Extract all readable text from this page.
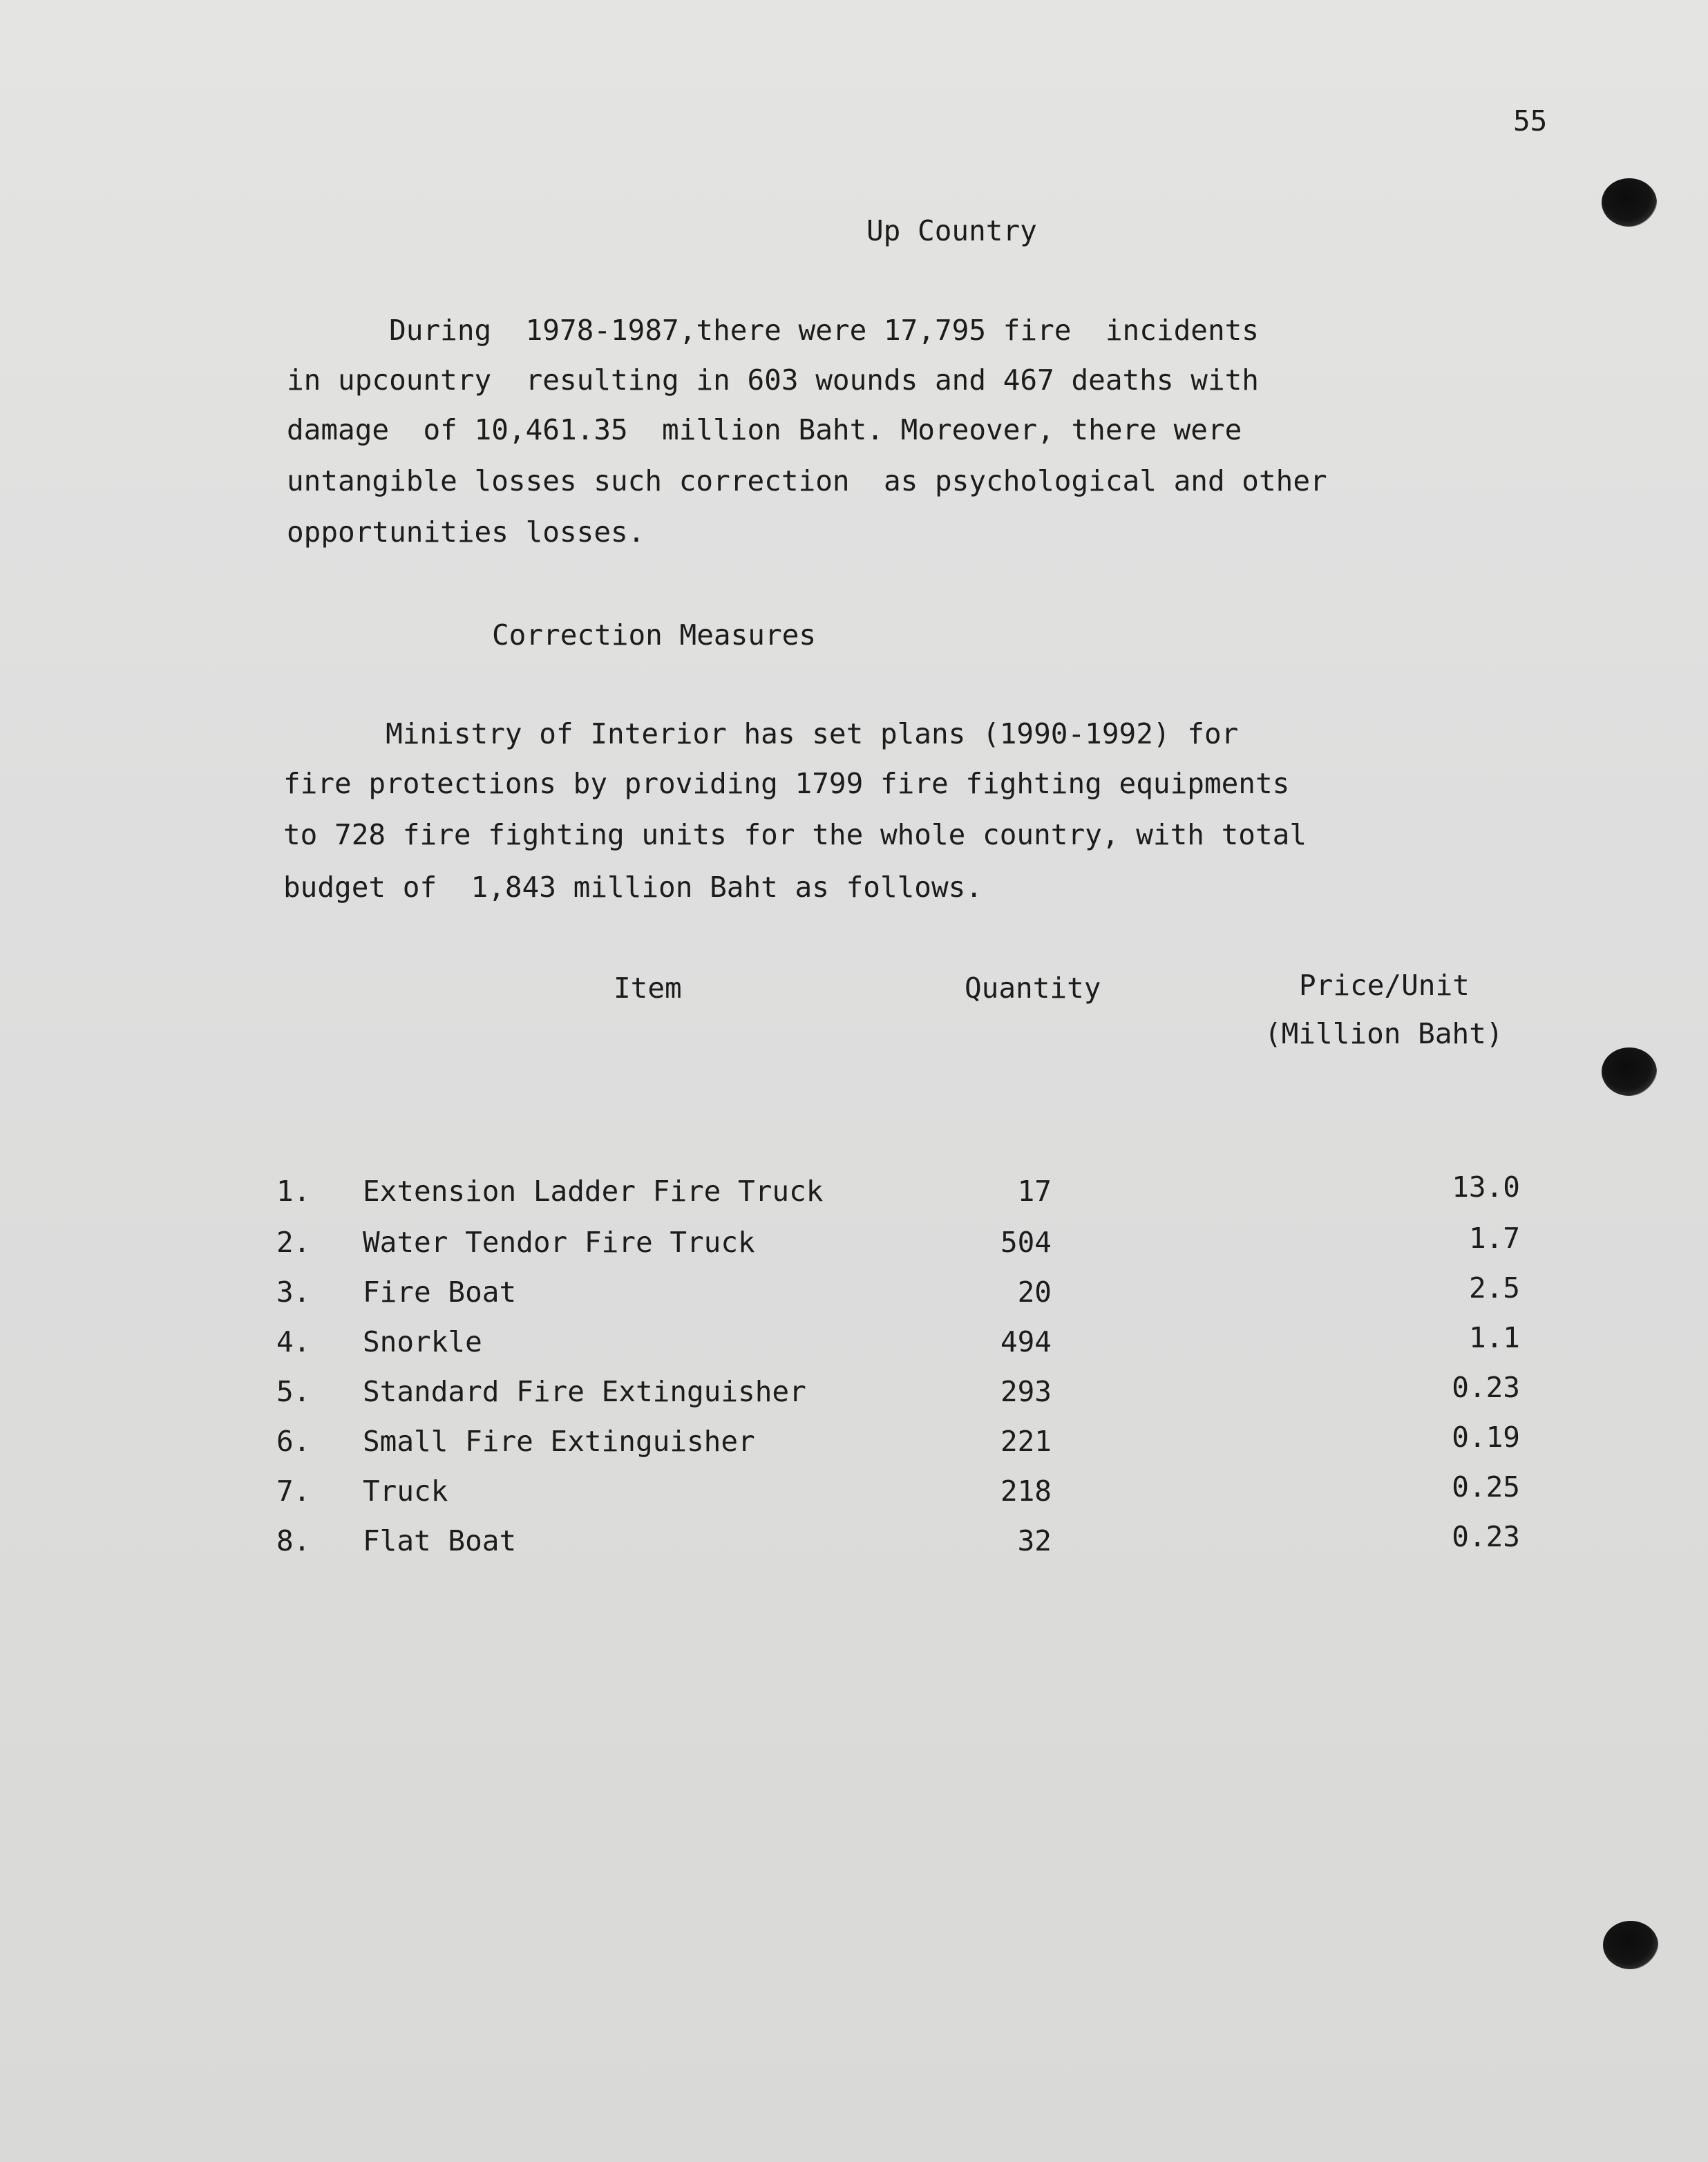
55
Up Country
During  1978-1987,there were 17,795 fire  incidents
in upcountry  resulting in 603 wounds and 467 deaths with
damage  of 10,461.35  million Baht. Moreover, there were
untangible losses such correction  as psychological and other
opportunities losses.
Correction Measures
Ministry of Interior has set plans (1990-1992) for
fire protections by providing 1799 fire fighting equipments
to 728 fire fighting units for the whole country, with total
budget of  1,843 million Baht as follows.
Item	Quantity	Price/Unit
(Million Baht)
1. Extension Ladder Fire Truck	17	13.0
2. Water Tendor Fire Truck	504	1.7
3. Fire Boat	20	2.5
4. Snorkle	494	1.1
5. Standard Fire Extinguisher	293	0.23
6. Small Fire Extinguisher	221	0.19
7. Truck	218	0.25
8. Flat Boat	32	0.23
